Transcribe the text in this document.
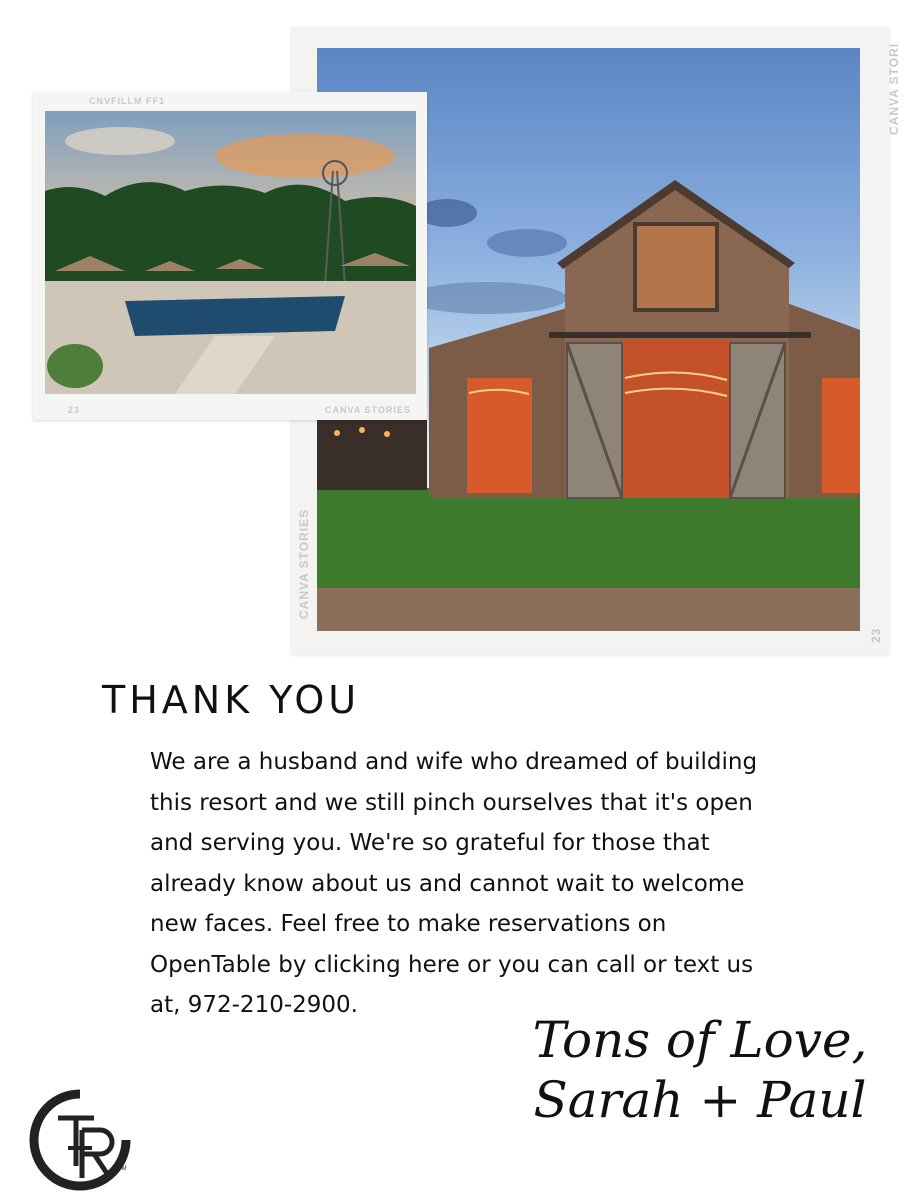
CANVA STORI
CANVA STORIES
23
CNVFILLM FF1
23	CANVA STORIES
THANK YOU

We are a husband and wife who dreamed of building this resort and we still pinch ourselves that it's open and serving you. We're so grateful for those that already know about us and cannot wait to welcome new faces. Feel free to make reservations on OpenTable by clicking here or you can call or text us at, 972-210-2900.

Tons of Love,
Sarah + Paul
TM
